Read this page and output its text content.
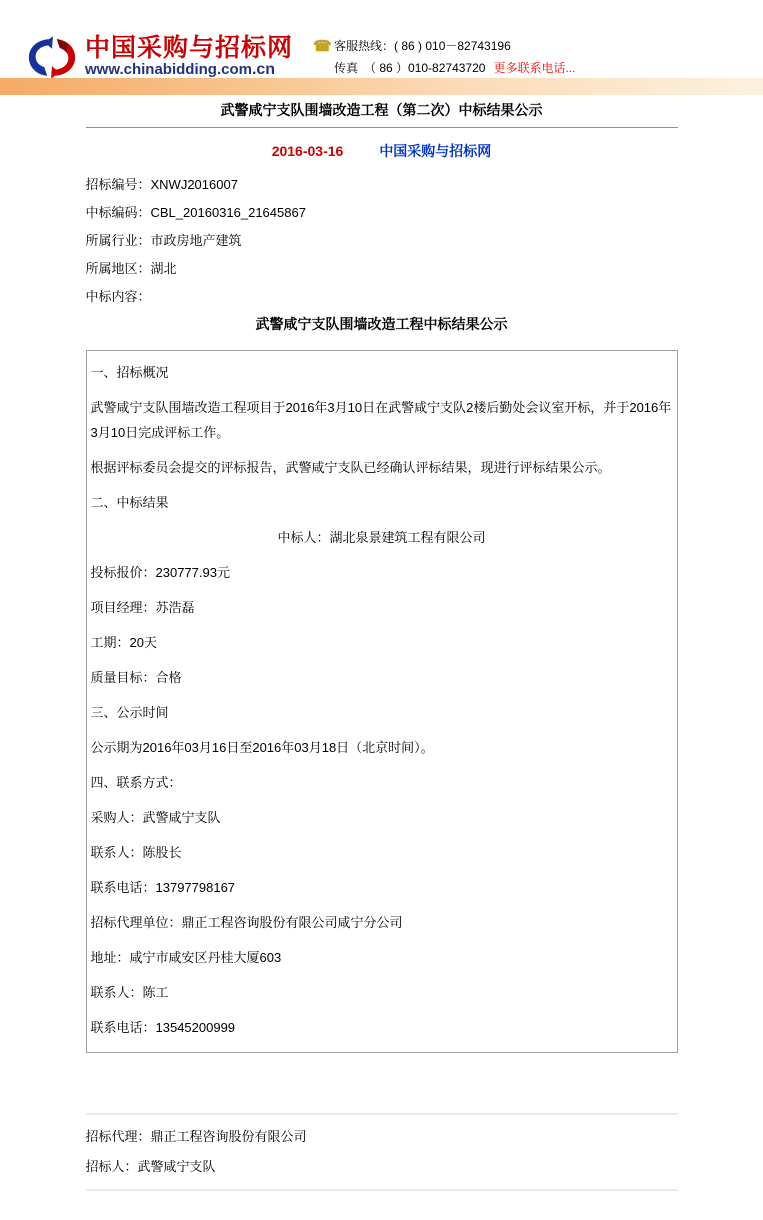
中国采购与招标网
www.chinabidding.com.cn
☎ 客服热线：( 86 ) 010－82743196
传真 （ 86 ）010-82743720 更多联系电话...
武警咸宁支队围墙改造工程（第二次）中标结果公示
2016-03-16	中国采购与招标网

招标编号：XNWJ2016007

中标编码：CBL_20160316_21645867

所属行业：市政房地产建筑

所属地区：湖北

中标内容：

武警咸宁支队围墙改造工程中标结果公示

一、招标概况

武警咸宁支队围墙改造工程项目于2016年3月10日在武警咸宁支队2楼后勤处会议室开标，并于2016年3月10日完成评标工作。

根据评标委员会提交的评标报告，武警咸宁支队已经确认评标结果，现进行评标结果公示。

二、中标结果

中标人：湖北泉景建筑工程有限公司

投标报价：230777.93元

项目经理：苏浩磊

工期：20天

质量目标：合格

三、公示时间

公示期为2016年03月16日至2016年03月18日（北京时间）。

四、联系方式：

采购人：武警咸宁支队

联系人：陈股长

联系电话：13797798167

招标代理单位：鼎正工程咨询股份有限公司咸宁分公司

地址：咸宁市咸安区丹桂大厦603

联系人：陈工

联系电话：13545200999

招标代理：鼎正工程咨询股份有限公司

招标人：武警咸宁支队
